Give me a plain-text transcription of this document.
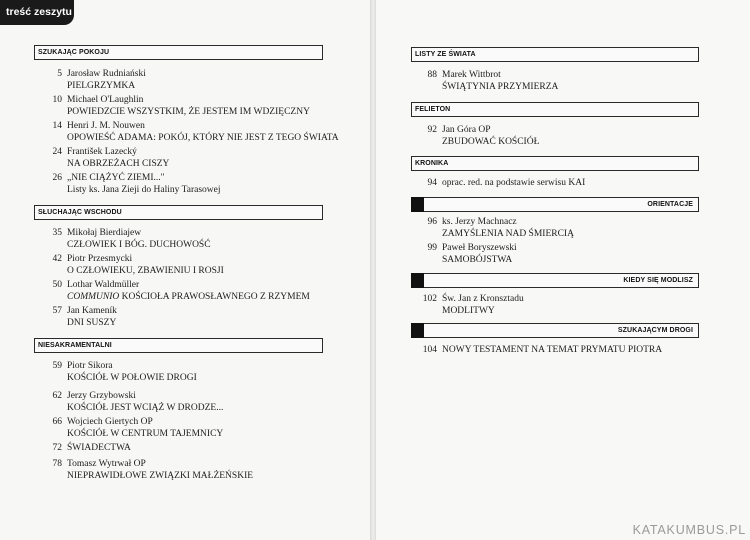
treść zeszytu
SZUKAJĄC POKOJU
5 Jarosław Rudniański
PIELGRZYMKA
10 Michael O'Laughlin
POWIEDZCIE WSZYSTKIM, ŻE JESTEM IM WDZIĘCZNY
14 Henri J. M. Nouwen
OPOWIEŚĆ ADAMA: POKÓJ, KTÓRY NIE JEST Z TEGO ŚWIATA
24 František Lazecký
NA OBRZEŻACH CISZY
26 „NIE CIĄŻYĆ ZIEMI..."
Listy ks. Jana Zieji do Haliny Tarasowej
SŁUCHAJĄC WSCHODU
35 Mikołaj Bierdiajew
CZŁOWIEK I BÓG. DUCHOWOŚĆ
42 Piotr Przesmycki
O CZŁOWIEKU, ZBAWIENIU I ROSJI
50 Lothar Waldmüller
COMMUNIO KOŚCIOŁA PRAWOSŁAWNEGO Z RZYMEM
57 Jan Kameník
DNI SUSZY
NIESAKRAMENTALNI
59 Piotr Sikora
KOŚCIÓŁ W POŁOWIE DROGI
62 Jerzy Grzybowski
KOŚCIÓŁ JEST WCIĄŻ W DRODZE...
66 Wojciech Giertych OP
KOŚCIÓŁ W CENTRUM TAJEMNICY
72 ŚWIADECTWA
78 Tomasz Wytrwał OP
NIEPRAWIDŁOWE ZWIĄZKI MAŁŻEŃSKIE
LISTY ZE ŚWIATA
88 Marek Wittbrot
ŚWIĄTYNIA PRZYMIERZA
FELIETON
92 Jan Góra OP
ZBUDOWAĆ KOŚCIÓŁ
KRONIKA
94 oprac. red. na podstawie serwisu KAI
ORIENTACJE
96 ks. Jerzy Machnacz
ZAMYŚLENIA NAD ŚMIERCIĄ
99 Paweł Boryszewski
SAMOBÓJSTWA
KIEDY SIĘ MODLISZ
102 Św. Jan z Kronsztadu
MODLITWY
SZUKAJĄCYM DROGI
104 NOWY TESTAMENT NA TEMAT PRYMATU PIOTRA
KATAKUMBUS.PL
